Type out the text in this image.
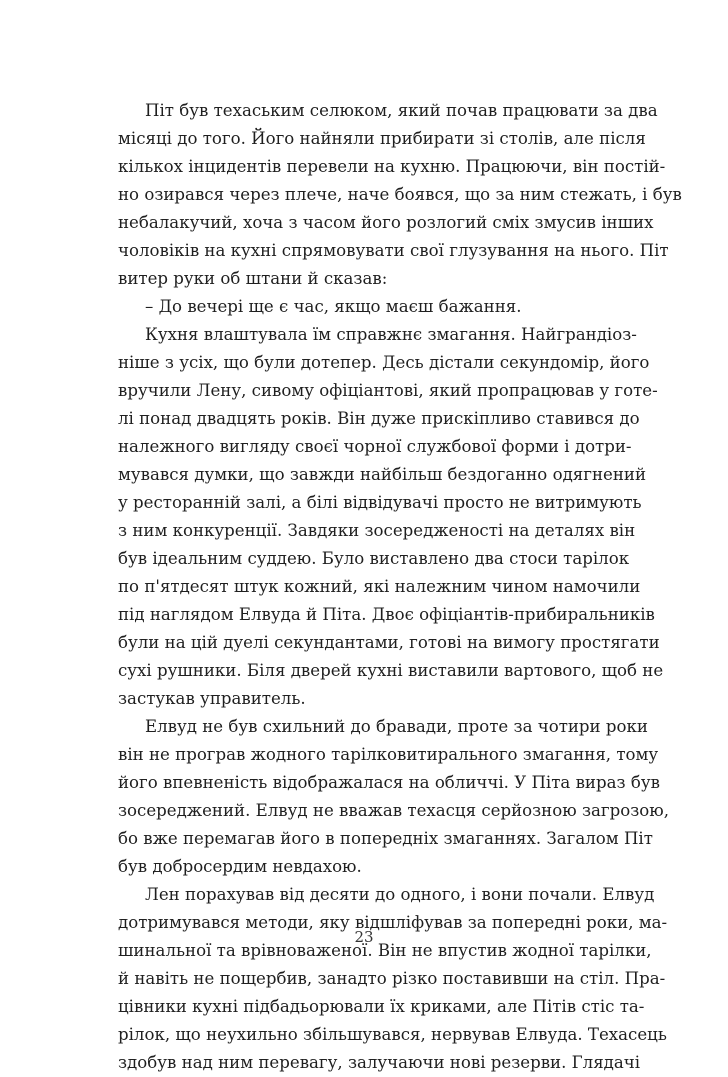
Піт був техаським селюком, який почав працювати за два
місяці до того. Його найняли прибирати зі столів, але після
кількох інцидентів перевели на кухню. Працюючи, він постій-
но озирався через плече, наче боявся, що за ним стежать, і був
небалакучий, хоча з часом його розлогий сміх змусив інших
чоловіків на кухні спрямовувати свої глузування на нього. Піт
витер руки об штани й сказав:
– До вечері ще є час, якщо маєш бажання.
Кухня влаштувала їм справжнє змагання. Найграндіоз-
ніше з усіх, що були дотепер. Десь дістали секундомір, його
вручили Лену, сивому офіціантові, який пропрацював у готе-
лі понад двадцять років. Він дуже прискіпливо ставився до
належного вигляду своєї чорної службової форми і дотри-
мувався думки, що завжди найбільш бездоганно одягнений
у ресторанній залі, а білі відвідувачі просто не витримують
з ним конкуренції. Завдяки зосередженості на деталях він
був ідеальним суддею. Було виставлено два стоси тарілок
по п'ятдесят штук кожний, які належним чином намочили
під наглядом Елвуда й Піта. Двоє офіціантів-прибиральників
були на цій дуелі секундантами, готові на вимогу простягати
сухі рушники. Біля дверей кухні виставили вартового, щоб не
застукав управитель.
Елвуд не був схильний до бравади, проте за чотири роки
він не програв жодного тарілковитирального змагання, тому
його впевненість відображалася на обличчі. У Піта вираз був
зосереджений. Елвуд не вважав техасця серйозною загрозою,
бо вже перемагав його в попередніх змаганнях. Загалом Піт
був добросердим невдахою.
Лен порахував від десяти до одного, і вони почали. Елвуд
дотримувався методи, яку відшліфував за попередні роки, ма-
шинальної та врівноваженої. Він не впустив жодної тарілки,
й навіть не пощербив, занадто різко поставивши на стіл. Пра-
цівники кухні підбадьорювали їх криками, але Пітів стіс та-
рілок, що неухильно збільшувався, нервував Елвуда. Техасець
здобув над ним перевагу, залучаючи нові резерви. Глядачі
23
